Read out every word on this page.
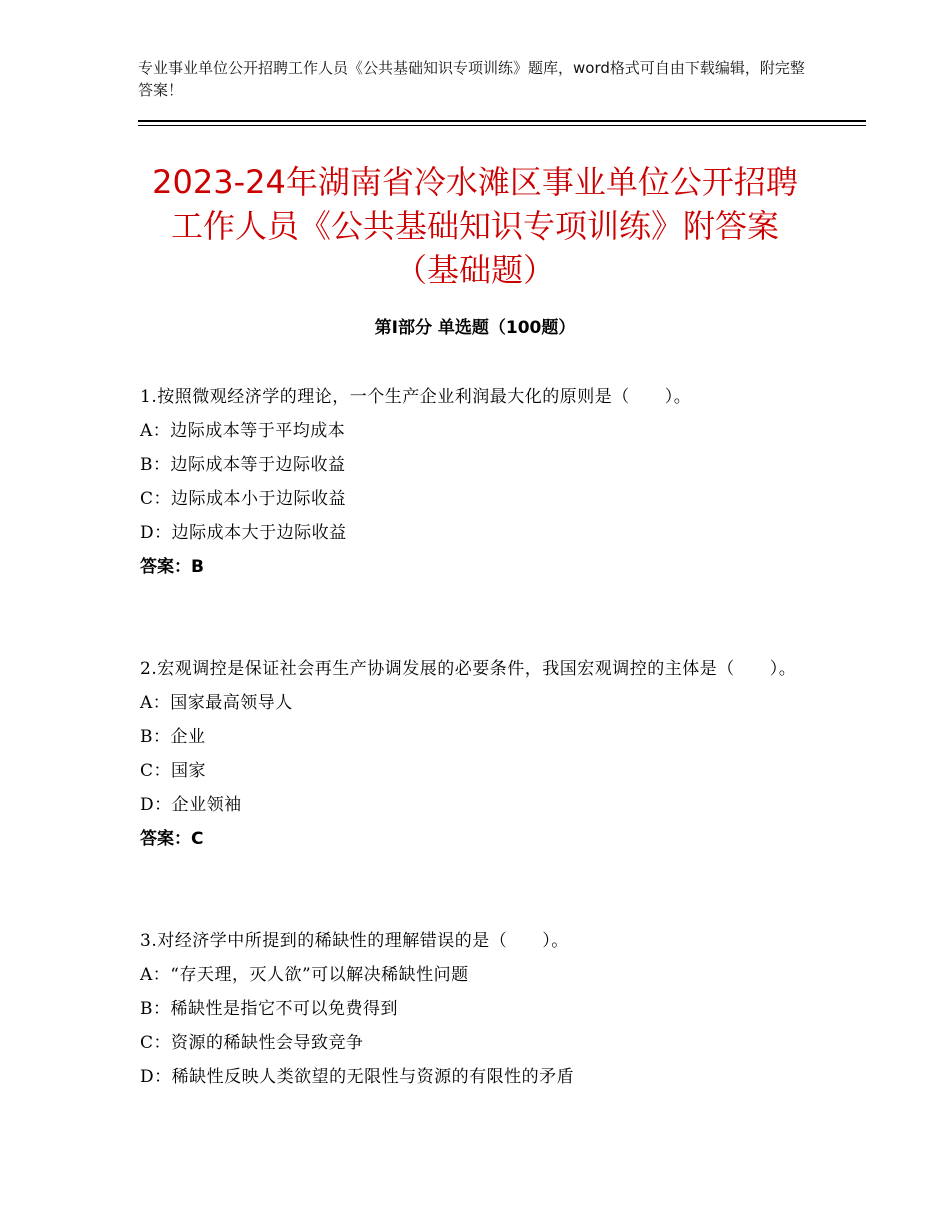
专业事业单位公开招聘工作人员《公共基础知识专项训练》题库，word格式可自由下载编辑，附完整答案！
2023-24年湖南省冷水滩区事业单位公开招聘工作人员《公共基础知识专项训练》附答案（基础题）
第Ⅰ部分 单选题（100题）

1.按照微观经济学的理论，一个生产企业利润最大化的原则是（　　）。

A：边际成本等于平均成本

B：边际成本等于边际收益

C：边际成本小于边际收益

D：边际成本大于边际收益

答案：B

2.宏观调控是保证社会再生产协调发展的必要条件，我国宏观调控的主体是（　　）。

A：国家最高领导人

B：企业

C：国家

D：企业领袖

答案：C

3.对经济学中所提到的稀缺性的理解错误的是（　　）。

A：“存天理，灭人欲”可以解决稀缺性问题

B：稀缺性是指它不可以免费得到

C：资源的稀缺性会导致竞争

D：稀缺性反映人类欲望的无限性与资源的有限性的矛盾
